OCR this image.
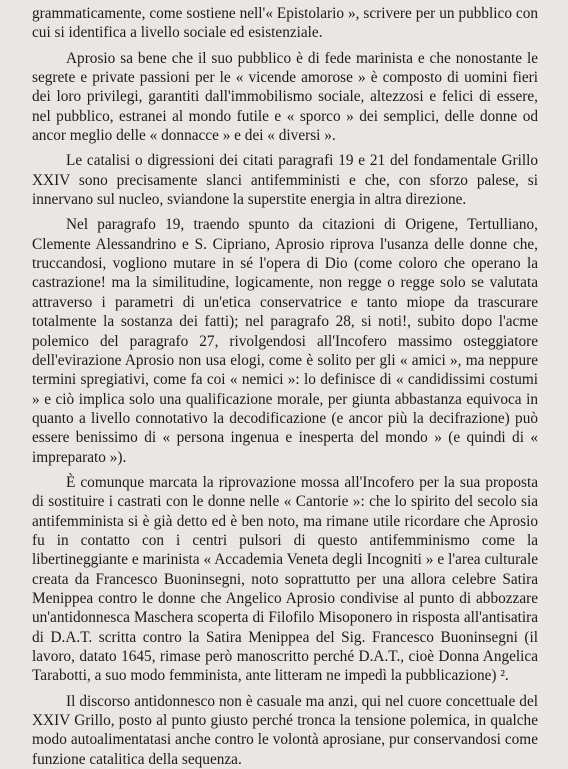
grammaticamente, come sostiene nell'« Epistolario », scrivere per un pubblico con cui si identifica a livello sociale ed esistenziale.

Aprosio sa bene che il suo pubblico è di fede marinista e che nonostante le segrete e private passioni per le « vicende amorose » è composto di uomini fieri dei loro privilegi, garantiti dall'immobilismo sociale, altezzosi e felici di essere, nel pubblico, estranei al mondo futile e « sporco » dei semplici, delle donne od ancor meglio delle « donnacce » e dei « diversi ».

Le catalisi o digressioni dei citati paragrafi 19 e 21 del fondamentale Grillo XXIV sono precisamente slanci antifemministi e che, con sforzo palese, si innervano sul nucleo, sviandone la superstite energia in altra direzione.

Nel paragrafo 19, traendo spunto da citazioni di Origene, Tertulliano, Clemente Alessandrino e S. Cipriano, Aprosio riprova l'usanza delle donne che, truccandosi, vogliono mutare in sé l'opera di Dio (come coloro che operano la castrazione! ma la similitudine, logicamente, non regge o regge solo se valutata attraverso i parametri di un'etica conservatrice e tanto miope da trascurare totalmente la sostanza dei fatti); nel paragrafo 28, si noti!, subito dopo l'acme polemico del paragrafo 27, rivolgendosi all'Incofero massimo osteggiatore dell'evirazione Aprosio non usa elogi, come è solito per gli « amici », ma neppure termini spregiativi, come fa coi « nemici »: lo definisce di « candidissimi costumi » e ciò implica solo una qualificazione morale, per giunta abbastanza equivoca in quanto a livello connotativo la decodificazione (e ancor più la decifrazione) può essere benissimo di « persona ingenua e inesperta del mondo » (e quindi di « impreparato »).

È comunque marcata la riprovazione mossa all'Incofero per la sua proposta di sostituire i castrati con le donne nelle « Cantorie »: che lo spirito del secolo sia antifemminista si è già detto ed è ben noto, ma rimane utile ricordare che Aprosio fu in contatto con i centri pulsori di questo antifemminismo come la libertineggiante e marinista « Accademia Veneta degli Incogniti » e l'area culturale creata da Francesco Buoninsegni, noto soprattutto per una allora celebre Satira Menippea contro le donne che Angelico Aprosio condivise al punto di abbozzare un'antidonnesca Maschera scoperta di Filofilo Misoponero in risposta all'antisatira di D.A.T. scritta contro la Satira Menippea del Sig. Francesco Buoninsegni (il lavoro, datato 1645, rimase però manoscritto perché D.A.T., cioè Donna Angelica Tarabotti, a suo modo femminista, ante litteram ne impedì la pubblicazione) ².

Il discorso antidonnesco non è casuale ma anzi, qui nel cuore concettuale del XXIV Grillo, posto al punto giusto perché tronca la tensione polemica, in qualche modo autoalimentatasi anche contro le volontà aprosiane, pur conservandosi come funzione catalitica della sequenza.
